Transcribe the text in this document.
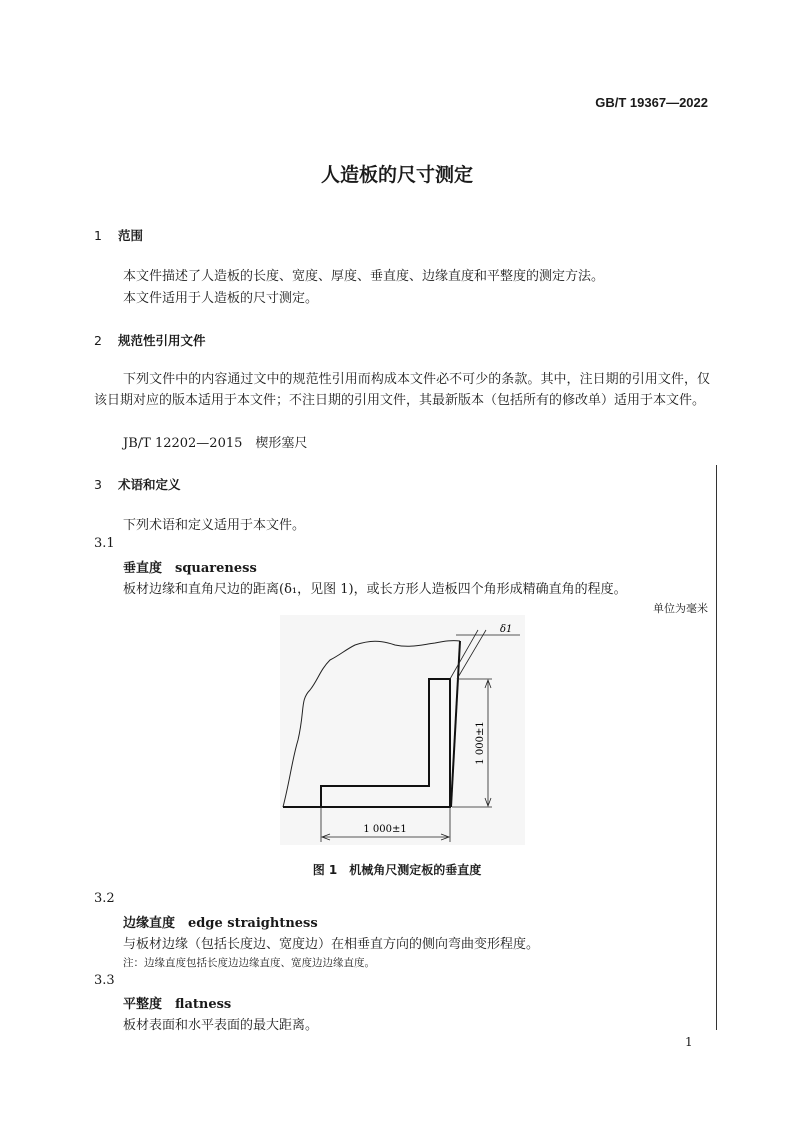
GB/T 19367—2022
人造板的尺寸测定
1 范围
本文件描述了人造板的长度、宽度、厚度、垂直度、边缘直度和平整度的测定方法。
本文件适用于人造板的尺寸测定。
2 规范性引用文件
下列文件中的内容通过文中的规范性引用而构成本文件必不可少的条款。其中，注日期的引用文件，仅该日期对应的版本适用于本文件；不注日期的引用文件，其最新版本（包括所有的修改单）适用于本文件。
JB/T 12202—2015　楔形塞尺
3 术语和定义
下列术语和定义适用于本文件。
3.1
垂直度　squareness
板材边缘和直角尺边的距离(δ₁，见图 1)，或长方形人造板四个角形成精确直角的程度。
单位为毫米
1 000±1
1 000±1
δ1
图 1　机械角尺测定板的垂直度
3.2
边缘直度　edge straightness
与板材边缘（包括长度边、宽度边）在相垂直方向的侧向弯曲变形程度。
注：边缘直度包括长度边边缘直度、宽度边边缘直度。
3.3
平整度　flatness
板材表面和水平表面的最大距离。
1
